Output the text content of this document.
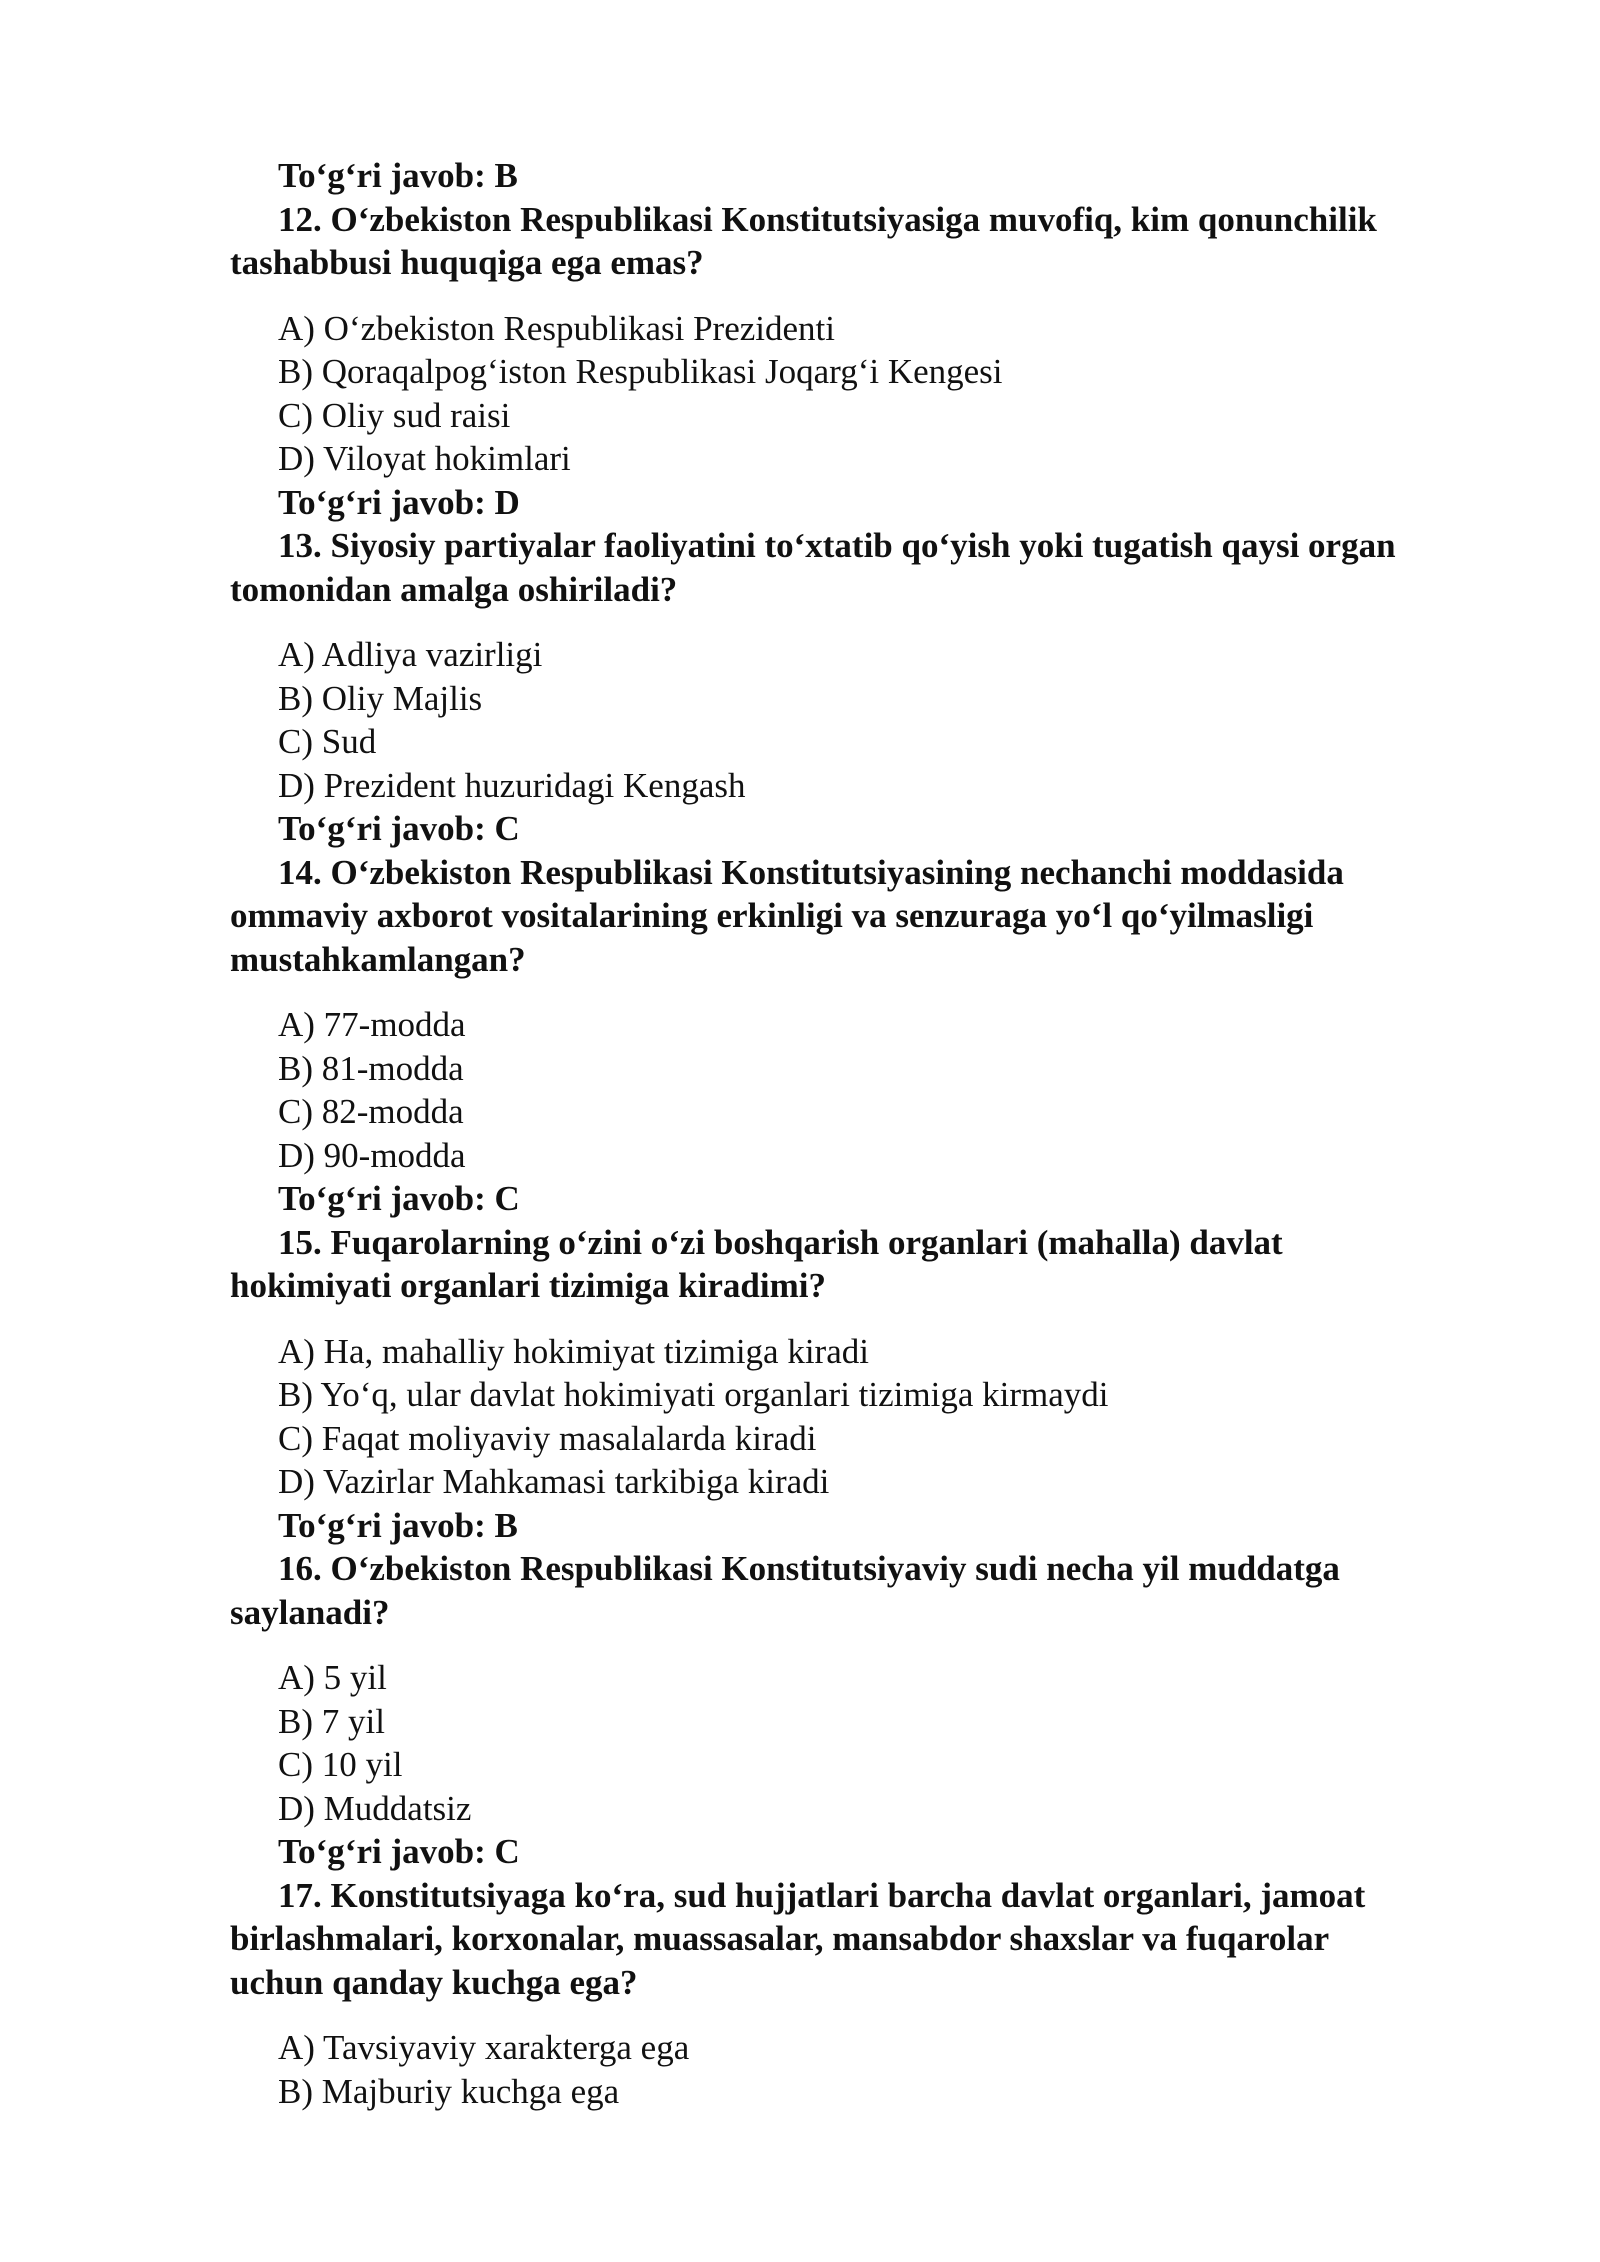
To‘g‘ri javob: B
12. O‘zbekiston Respublikasi Konstitutsiyasiga muvofiq, kim qonunchilik
tashabbusi huquqiga ega emas?
A) O‘zbekiston Respublikasi Prezidenti
B) Qoraqalpog‘iston Respublikasi Joqarg‘i Kengesi
C) Oliy sud raisi
D) Viloyat hokimlari
To‘g‘ri javob: D
13. Siyosiy partiyalar faoliyatini to‘xtatib qo‘yish yoki tugatish qaysi organ
tomonidan amalga oshiriladi?
A) Adliya vazirligi
B) Oliy Majlis
C) Sud
D) Prezident huzuridagi Kengash
To‘g‘ri javob: C
14. O‘zbekiston Respublikasi Konstitutsiyasining nechanchi moddasida
ommaviy axborot vositalarining erkinligi va senzuraga yo‘l qo‘yilmasligi
mustahkamlangan?
A) 77-modda
B) 81-modda
C) 82-modda
D) 90-modda
To‘g‘ri javob: C
15. Fuqarolarning o‘zini o‘zi boshqarish organlari (mahalla) davlat
hokimiyati organlari tizimiga kiradimi?
A) Ha, mahalliy hokimiyat tizimiga kiradi
B) Yo‘q, ular davlat hokimiyati organlari tizimiga kirmaydi
C) Faqat moliyaviy masalalarda kiradi
D) Vazirlar Mahkamasi tarkibiga kiradi
To‘g‘ri javob: B
16. O‘zbekiston Respublikasi Konstitutsiyaviy sudi necha yil muddatga
saylanadi?
A) 5 yil
B) 7 yil
C) 10 yil
D) Muddatsiz
To‘g‘ri javob: C
17. Konstitutsiyaga ko‘ra, sud hujjatlari barcha davlat organlari, jamoat
birlashmalari, korxonalar, muassasalar, mansabdor shaxslar va fuqarolar
uchun qanday kuchga ega?
A) Tavsiyaviy xarakterga ega
B) Majburiy kuchga ega
